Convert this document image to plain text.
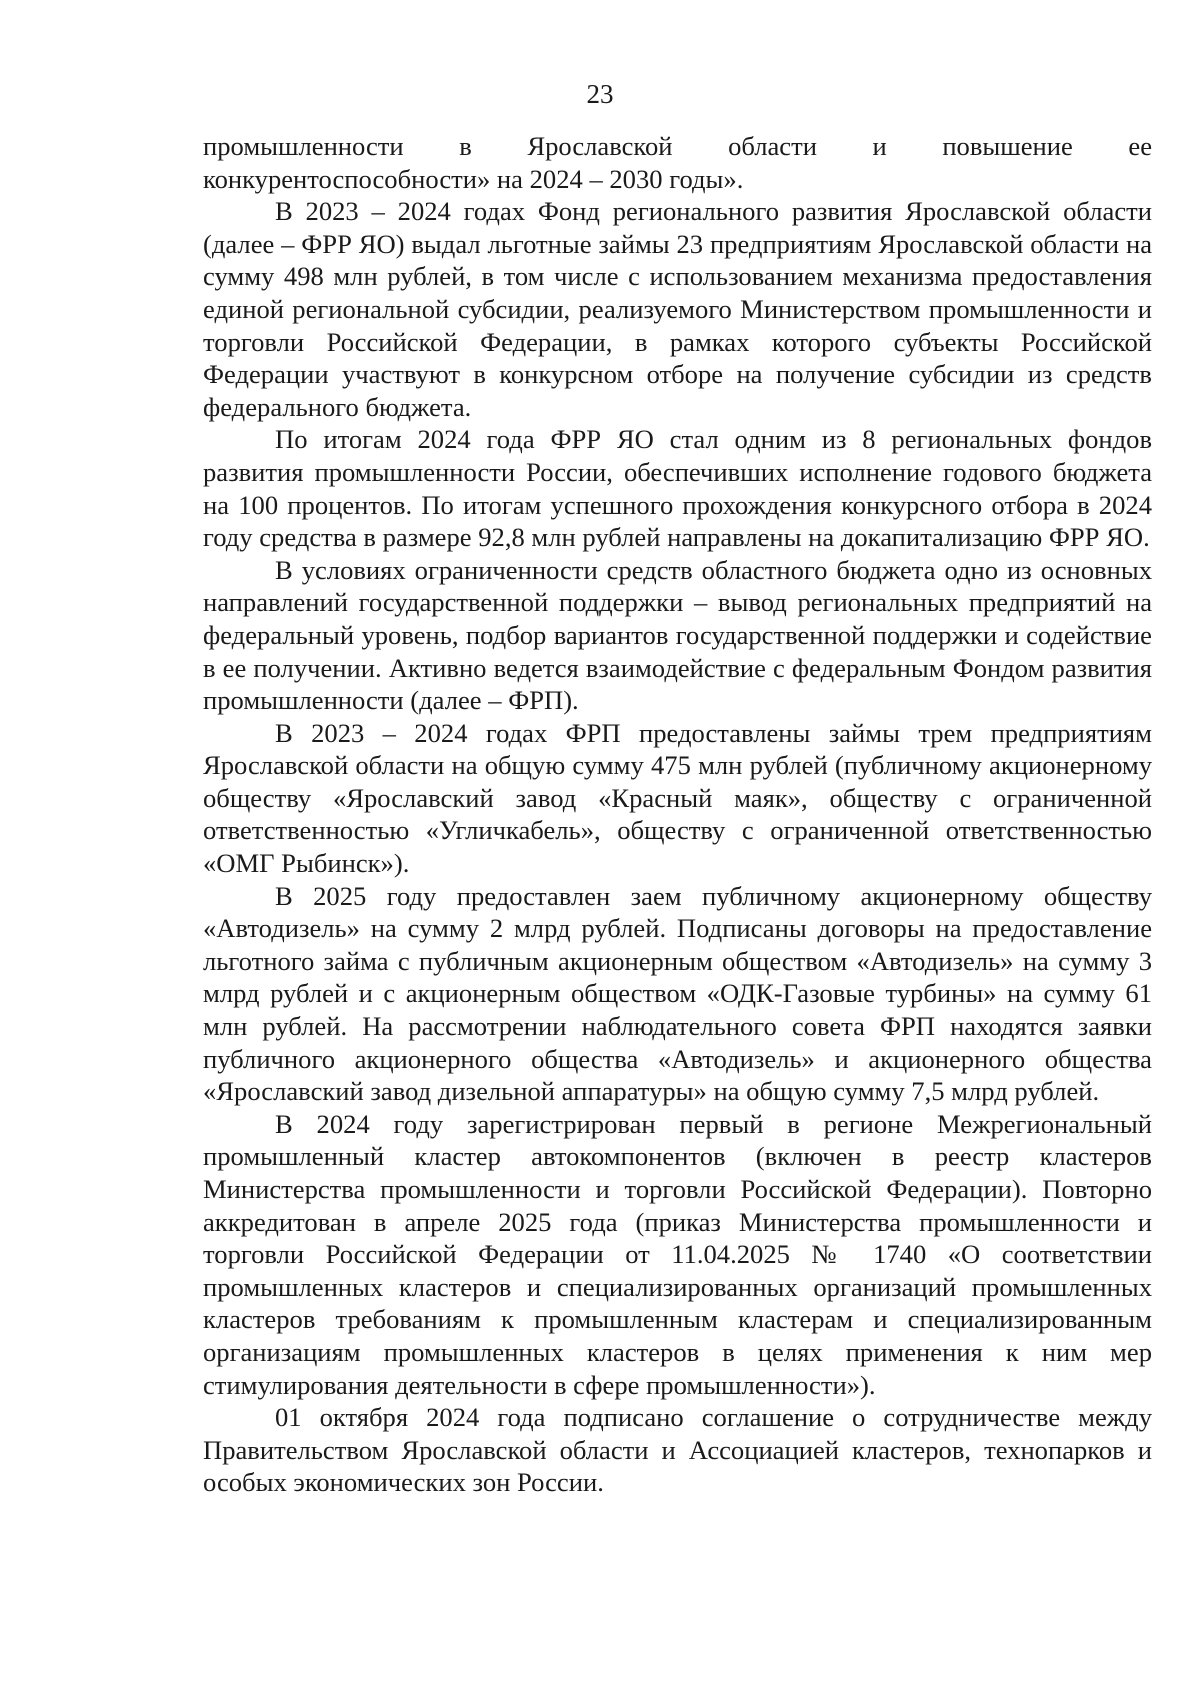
23

промышленности в Ярославской области и повышение ее конкурентоспособности» на 2024 – 2030 годы».

В 2023 – 2024 годах Фонд регионального развития Ярославской области (далее – ФРР ЯО) выдал льготные займы 23 предприятиям Ярославской области на сумму 498 млн рублей, в том числе с использованием механизма предоставления единой региональной субсидии, реализуемого Министерством промышленности и торговли Российской Федерации, в рамках которого субъекты Российской Федерации участвуют в конкурсном отборе на получение субсидии из средств федерального бюджета.

По итогам 2024 года ФРР ЯО стал одним из 8 региональных фондов развития промышленности России, обеспечивших исполнение годового бюджета на 100 процентов. По итогам успешного прохождения конкурсного отбора в 2024 году средства в размере 92,8 млн рублей направлены на докапитализацию ФРР ЯО.

В условиях ограниченности средств областного бюджета одно из основных направлений государственной поддержки – вывод региональных предприятий на федеральный уровень, подбор вариантов государственной поддержки и содействие в ее получении. Активно ведется взаимодействие с федеральным Фондом развития промышленности (далее – ФРП).

В 2023 – 2024 годах ФРП предоставлены займы трем предприятиям Ярославской области на общую сумму 475 млн рублей (публичному акционерному обществу «Ярославский завод «Красный маяк», обществу с ограниченной ответственностью «Угличкабель», обществу с ограниченной ответственностью «ОМГ Рыбинск»).

В 2025 году предоставлен заем публичному акционерному обществу «Автодизель» на сумму 2 млрд рублей. Подписаны договоры на предоставление льготного займа с публичным акционерным обществом «Автодизель» на сумму 3 млрд рублей и с акционерным обществом «ОДК-Газовые турбины» на сумму 61 млн рублей. На рассмотрении наблюдательного совета ФРП находятся заявки публичного акционерного общества «Автодизель» и акционерного общества «Ярославский завод дизельной аппаратуры» на общую сумму 7,5 млрд рублей.

В 2024 году зарегистрирован первый в регионе Межрегиональный промышленный кластер автокомпонентов (включен в реестр кластеров Министерства промышленности и торговли Российской Федерации). Повторно аккредитован в апреле 2025 года (приказ Министерства промышленности и торговли Российской Федерации от 11.04.2025 № 1740 «О соответствии промышленных кластеров и специализированных организаций промышленных кластеров требованиям к промышленным кластерам и специализированным организациям промышленных кластеров в целях применения к ним мер стимулирования деятельности в сфере промышленности»).

01 октября 2024 года подписано соглашение о сотрудничестве между Правительством Ярославской области и Ассоциацией кластеров, технопарков и особых экономических зон России.
